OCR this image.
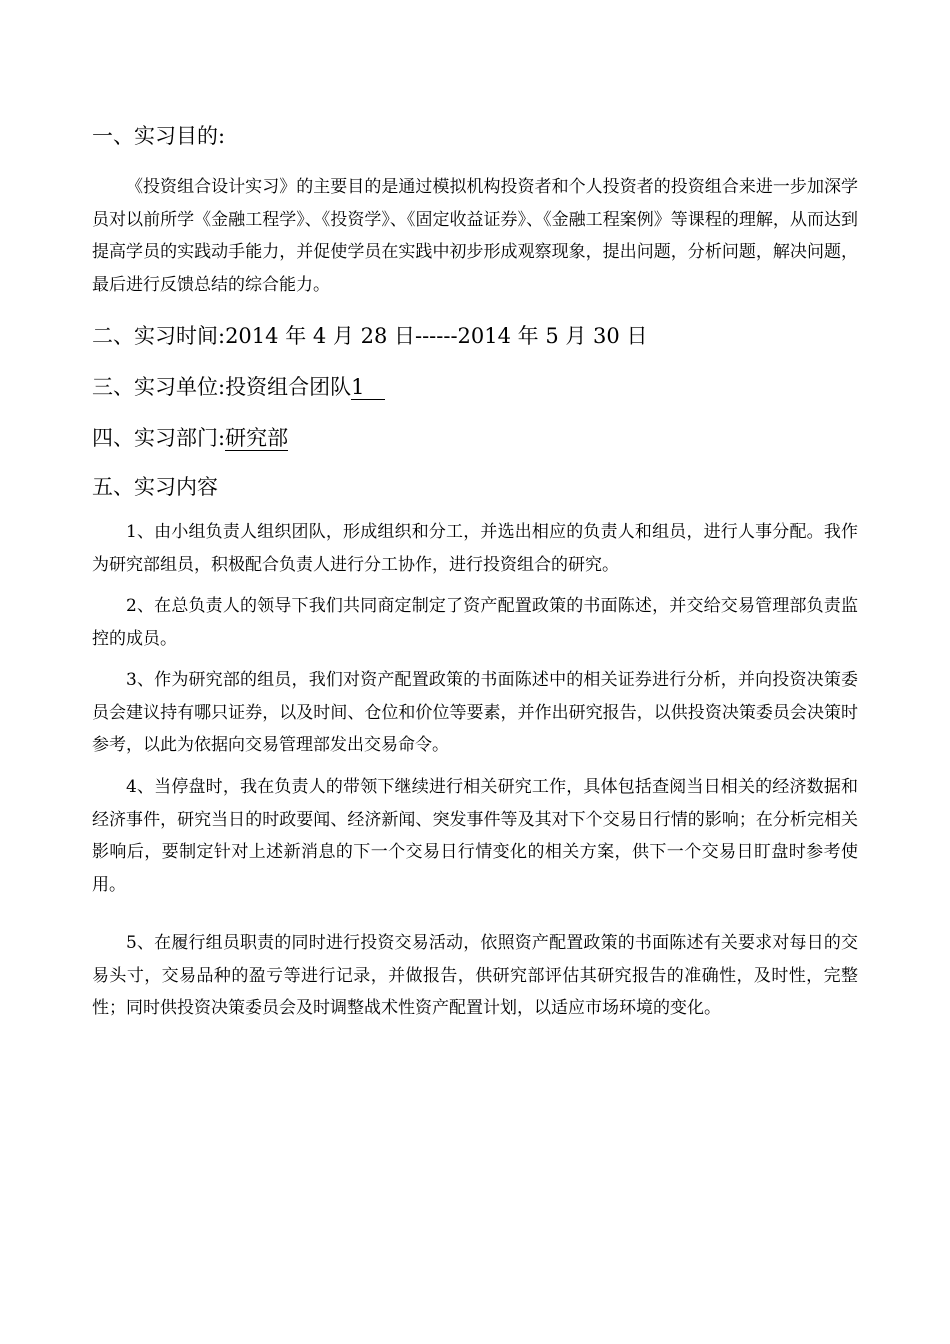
一、实习目的:

《投资组合设计实习》的主要目的是通过模拟机构投资者和个人投资者的投资组合来进一步加深学员对以前所学《金融工程学》、《投资学》、《固定收益证券》、《金融工程案例》等课程的理解，从而达到提高学员的实践动手能力，并促使学员在实践中初步形成观察现象，提出问题，分析问题，解决问题，最后进行反馈总结的综合能力。

二、实习时间:2014 年 4 月 28 日------2014 年 5 月 30 日
三、实习单位:投资组合团队1
四、实习部门:研究部
五、实习内容

1、由小组负责人组织团队，形成组织和分工，并选出相应的负责人和组员，进行人事分配。我作为研究部组员，积极配合负责人进行分工协作，进行投资组合的研究。

2、在总负责人的领导下我们共同商定制定了资产配置政策的书面陈述，并交给交易管理部负责监控的成员。

3、作为研究部的组员，我们对资产配置政策的书面陈述中的相关证券进行分析，并向投资决策委员会建议持有哪只证券，以及时间、仓位和价位等要素，并作出研究报告，以供投资决策委员会决策时参考，以此为依据向交易管理部发出交易命令。

4、当停盘时，我在负责人的带领下继续进行相关研究工作，具体包括查阅当日相关的经济数据和经济事件，研究当日的时政要闻、经济新闻、突发事件等及其对下个交易日行情的影响；在分析完相关影响后，要制定针对上述新消息的下一个交易日行情变化的相关方案，供下一个交易日盯盘时参考使用。

5、在履行组员职责的同时进行投资交易活动，依照资产配置政策的书面陈述有关要求对每日的交易头寸，交易品种的盈亏等进行记录，并做报告，供研究部评估其研究报告的准确性，及时性，完整性；同时供投资决策委员会及时调整战术性资产配置计划，以适应市场环境的变化。
